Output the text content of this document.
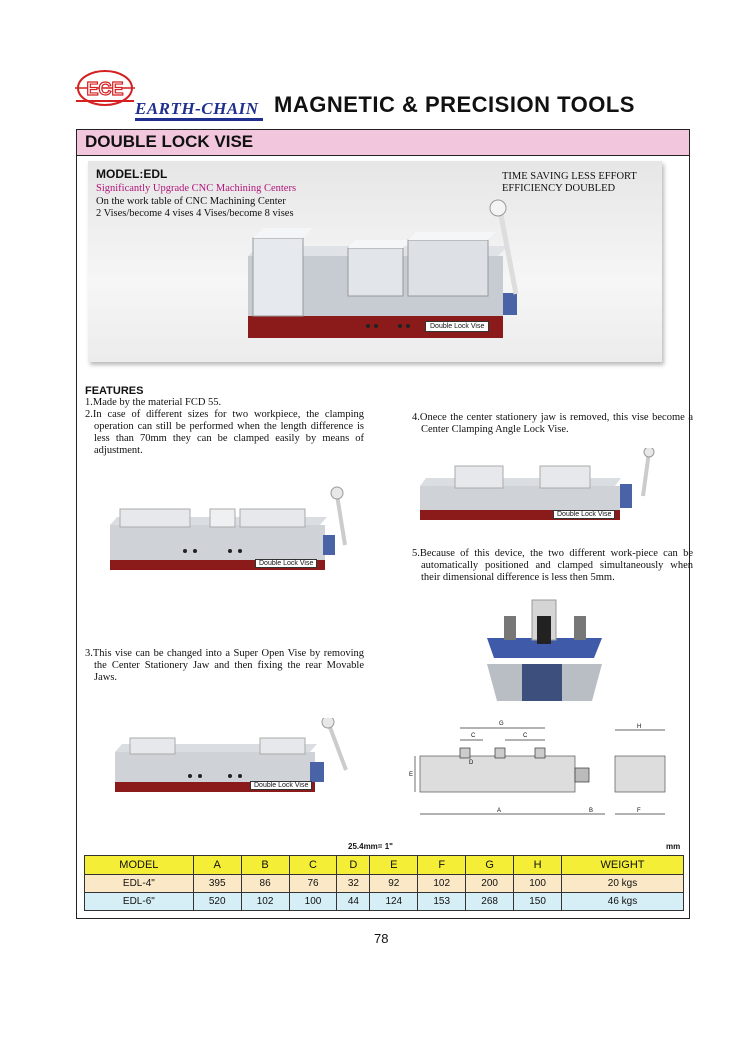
ECE
EARTH-CHAIN MAGNETIC & PRECISION TOOLS
DOUBLE LOCK VISE
MODEL:EDL
Significantly Upgrade CNC Machining Centers
On the work table of CNC Machining Center
2 Vises/become 4 vises 4 Vises/become 8 vises
TIME SAVING LESS EFFORT
EFFICIENCY DOUBLED
Double Lock Vise
FEATURES
1.Made by the material FCD 55.
2.In case of different sizes for two workpiece, the clamping operation can still be performed when the length difference is less than 70mm they can be clamped easily by means of adjustment.
4.Onece the center stationery jaw is removed, this vise become a Center Clamping Angle Lock Vise.
5.Because of this device, the two different work-piece can be automatically positioned and clamped simultaneously when their dimensional difference is less then 5mm.
3.This vise can be changed into a Super Open Vise by removing the Center Stationery Jaw and then fixing the rear Movable Jaws.
Double Lock Vise
Double Lock Vise
Double Lock Vise
G
C	C
D
E
A	B
H
F
25.4mm= 1"	mm
MODEL	A	B	C	D	E	F	G	H	WEIGHT
EDL-4"	395	86	76	32	92	102	200	100	20 kgs
EDL-6"	520	102	100	44	124	153	268	150	46 kgs
78
